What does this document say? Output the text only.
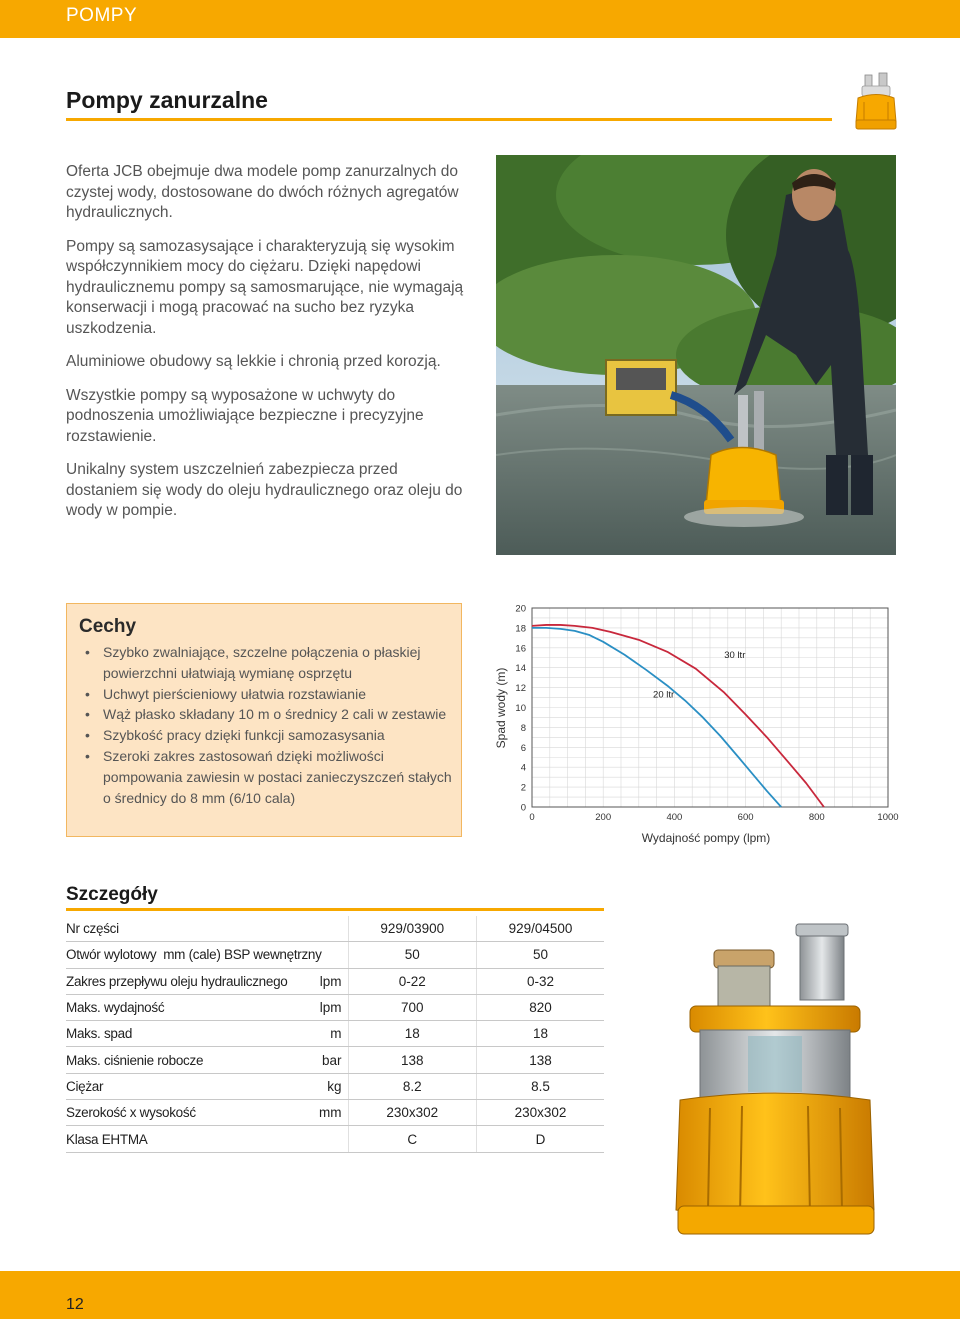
POMPY
Pompy zanurzalne

Oferta JCB obejmuje dwa modele pomp zanurzalnych do czystej wody, dostosowane do dwóch różnych agregatów hydraulicznych.

Pompy są samozasysające i charakteryzują się wysokim współczynnikiem mocy do ciężaru. Dzięki napędowi hydraulicznemu pompy są samosmarujące, nie wymagają konserwacji i mogą pracować na sucho bez ryzyka uszkodzenia.

Aluminiowe obudowy są lekkie i chronią przed korozją.

Wszystkie pompy są wyposażone w uchwyty do podnoszenia umożliwiające bezpieczne i precyzyjne rozstawienie.

Unikalny system uszczelnień zabezpiecza przed dostaniem się wody do oleju hydraulicznego oraz oleju do wody w pompie.

Cechy
• Szybko zwalniające, szczelne połączenia o płaskiej powierzchni ułatwiają wymianę osprzętu
• Uchwyt pierścieniowy ułatwia rozstawianie
• Wąż płasko składany 10 m o średnicy 2 cali w zestawie
• Szybkość pracy dzięki funkcji samozasysania
• Szeroki zakres zastosowań dzięki możliwości pompowania zawiesin w postaci zanieczyszczeń stałych o średnicy do 8 mm (6/10 cala)
Spad wody (m)
Wydajność pompy (lpm)
0
2
4
6
8
10
12
14
16
18
20
0	200	400	600	800	1000
20 ltr
30 ltr
Szczegóły
Nr części		929/03900	929/04500
Otwór wylotowy mm (cale) BSP wewnętrzny		50	50
Zakres przepływu oleju hydraulicznego	lpm	0-22	0-32
Maks. wydajność	lpm	700	820
Maks. spad	m	18	18
Maks. ciśnienie robocze	bar	138	138
Ciężar	kg	8.2	8.5
Szerokość x wysokość	mm	230x302	230x302
Klasa EHTMA		C	D
12
